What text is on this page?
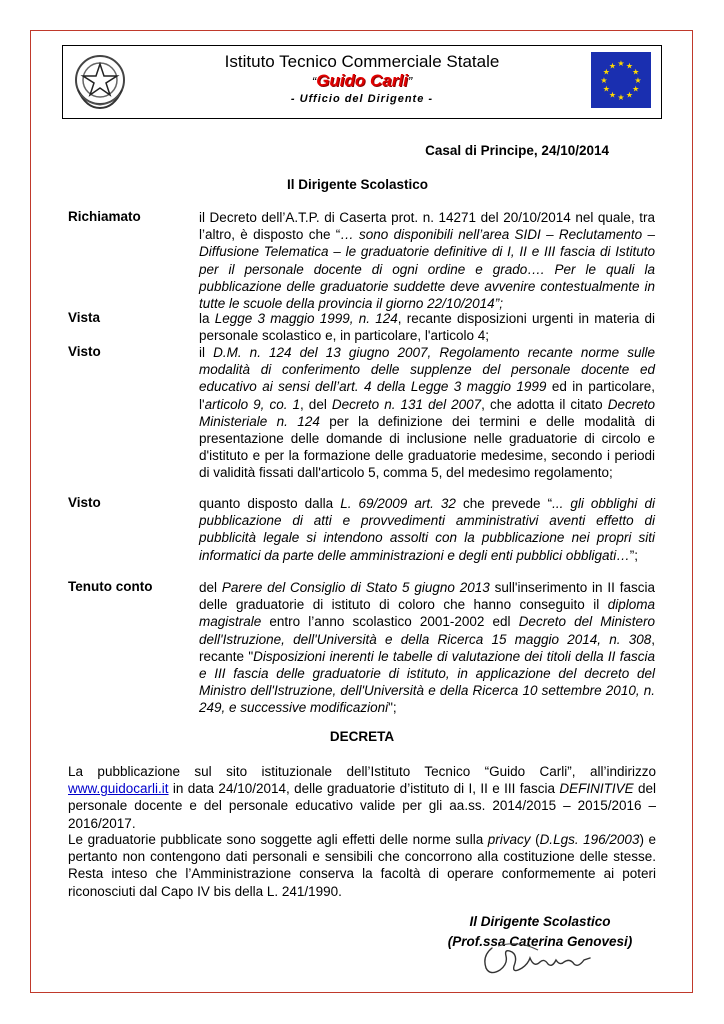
Istituto Tecnico Commerciale Statale
“Guido Carli”
- Ufficio del Dirigente -
★ ★
★
★
★
★
★
★
★
★
★
★
Casal di Principe, 24/10/2014
Il Dirigente Scolastico
Richiamato	il Decreto dell’A.T.P. di Caserta prot. n. 14271 del 20/10/2014 nel quale, tra l’altro, è disposto che “… sono disponibili nell’area SIDI – Reclutamento – Diffusione Telematica – le graduatorie definitive di I, II e III fascia di Istituto per il personale docente di ogni ordine e grado…. Per le quali la pubblicazione delle graduatorie suddette deve avvenire contestualmente in tutte le scuole della provincia il giorno 22/10/2014”;
Vista	la Legge 3 maggio 1999, n. 124, recante disposizioni urgenti in materia di personale scolastico e, in particolare, l'articolo 4;
Visto	il D.M. n. 124 del 13 giugno 2007, Regolamento recante norme sulle modalità di conferimento delle supplenze del personale docente ed educativo ai sensi dell’art. 4 della Legge 3 maggio 1999 ed in particolare, l'articolo 9, co. 1, del Decreto n. 131 del 2007, che adotta il citato Decreto Ministeriale n. 124 per la definizione dei termini e delle modalità di presentazione delle domande di inclusione nelle graduatorie di circolo e d'istituto e per la formazione delle graduatorie medesime, secondo i periodi di validità fissati dall'articolo 5, comma 5, del medesimo regolamento;
Visto	quanto disposto dalla L. 69/2009 art. 32 che prevede “... gli obblighi di pubblicazione di atti e provvedimenti amministrativi aventi effetto di pubblicità legale si intendono assolti con la pubblicazione nei propri siti informatici da parte delle amministrazioni e degli enti pubblici obbligati…”;
Tenuto conto	del Parere del Consiglio di Stato 5 giugno 2013 sull'inserimento in II fascia delle graduatorie di istituto di coloro che hanno conseguito il diploma magistrale entro l’anno scolastico 2001-2002 edl Decreto del Ministero dell'Istruzione, dell'Università e della Ricerca 15 maggio 2014, n. 308, recante "Disposizioni inerenti le tabelle di valutazione dei titoli della II fascia e III fascia delle graduatorie di istituto, in applicazione del decreto del Ministro dell'Istruzione, dell'Università e della Ricerca 10 settembre 2010, n. 249, e successive modificazioni";
DECRETA
La pubblicazione sul sito istituzionale dell’Istituto Tecnico “Guido Carli”, all’indirizzo www.guidocarli.it in data 24/10/2014, delle graduatorie d’istituto di I, II e III fascia DEFINITIVE del personale docente e del personale educativo valide per gli aa.ss. 2014/2015 – 2015/2016 – 2016/2017.
Le graduatorie pubblicate sono soggette agli effetti delle norme sulla privacy (D.Lgs. 196/2003) e pertanto non contengono dati personali e sensibili che concorrono alla costituzione delle stesse. Resta inteso che l’Amministrazione conserva la facoltà di operare conformemente ai poteri riconosciuti dal Capo IV bis della L. 241/1990.
Il Dirigente Scolastico
(Prof.ssa Caterina Genovesi)
